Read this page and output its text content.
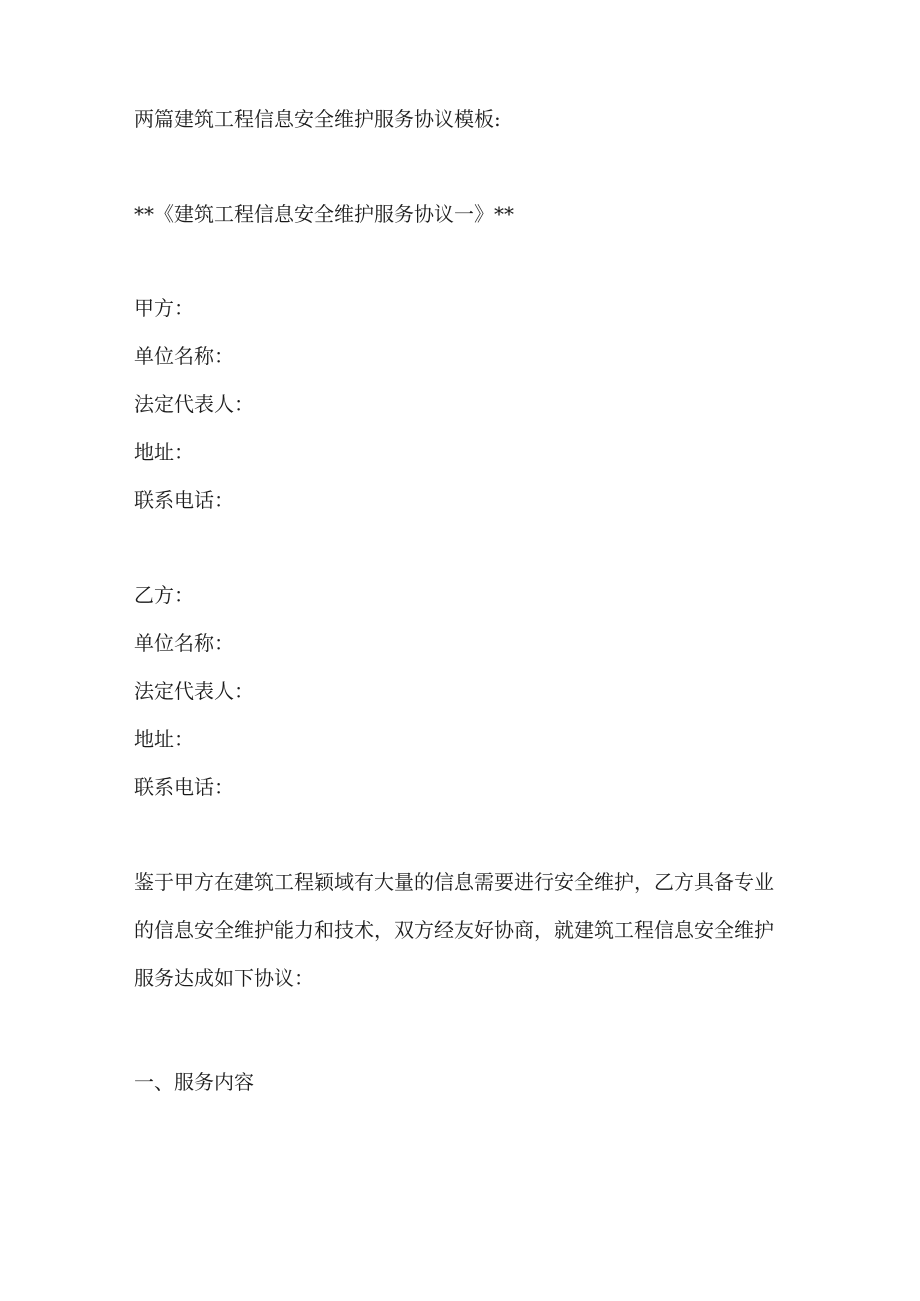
两篇建筑工程信息安全维护服务协议模板:
**《建筑工程信息安全维护服务协议一》**
甲方：
单位名称：
法定代表人：
地址：
联系电话：
乙方：
单位名称：
法定代表人：
地址：
联系电话：
鉴于甲方在建筑工程颖域有大量的信息需要进行安全维护，乙方具备专业
的信息安全维护能力和技术，双方经友好协商，就建筑工程信息安全维护
服务达成如下协议：
一、服务内容
